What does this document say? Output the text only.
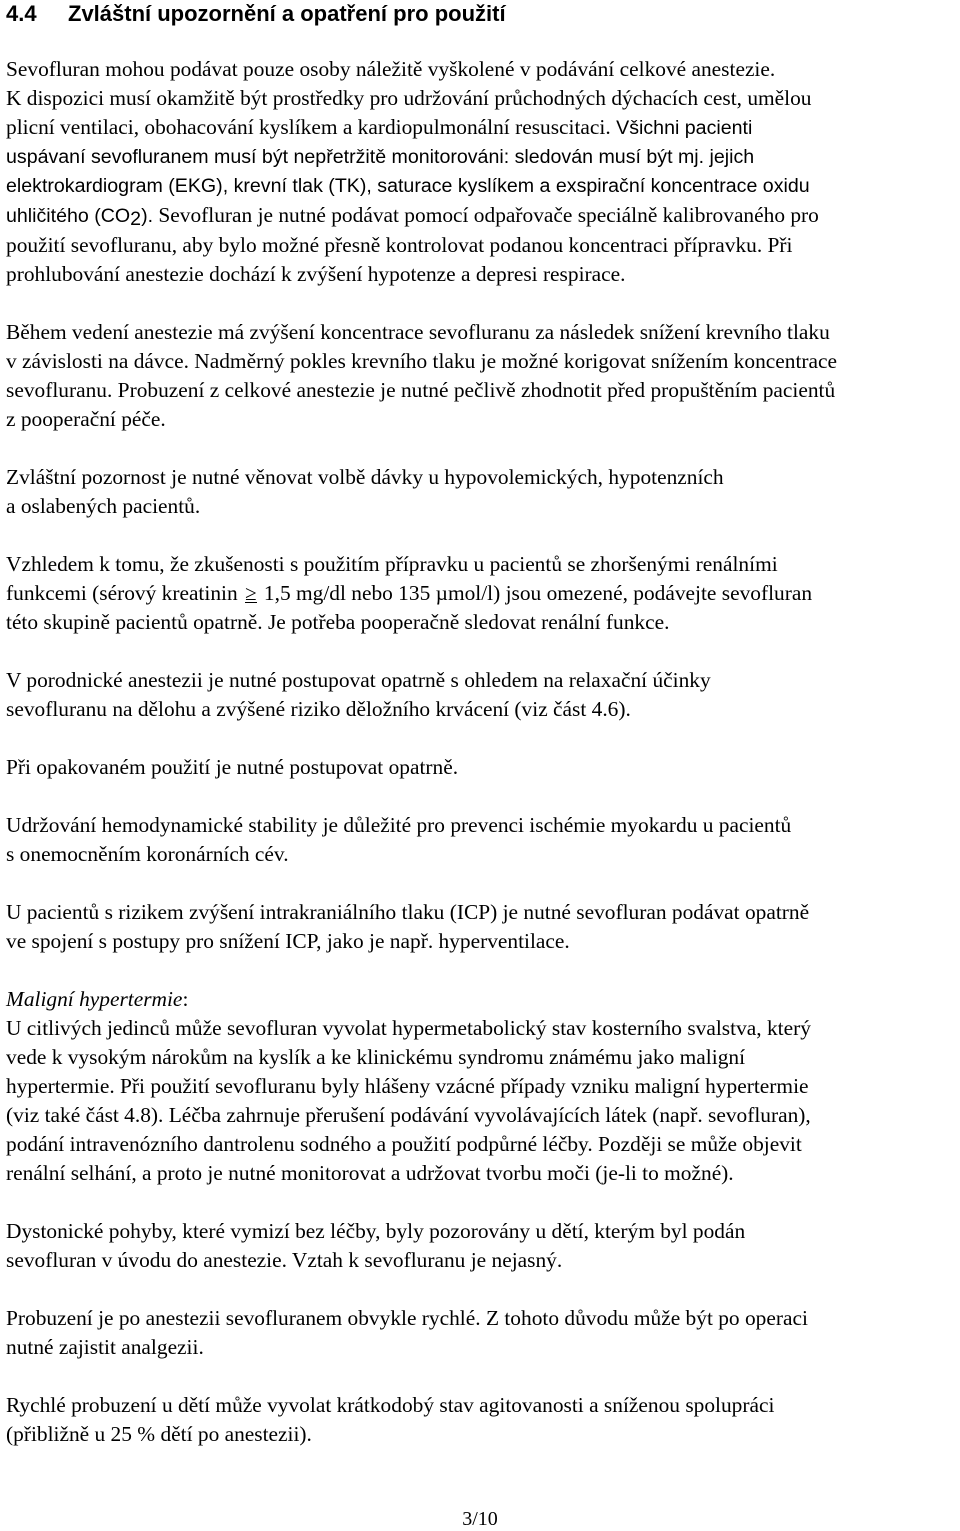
4.4	Zvláštní upozornění a opatření pro použití
Sevofluran mohou podávat pouze osoby náležitě vyškolené v podávání celkové anestezie.
K dispozici musí okamžitě být prostředky pro udržování průchodných dýchacích cest, umělou
plicní ventilaci, obohacování kyslíkem a kardiopulmonální resuscitaci. Všichni pacienti
uspávaní sevofluranem musí být nepřetržitě monitorováni: sledován musí být mj. jejich
elektrokardiogram (EKG), krevní tlak (TK), saturace kyslíkem a exspirační koncentrace oxidu
uhličitého $(CO_2)$. Sevofluran je nutné podávat pomocí odpařovače speciálně kalibrovaného pro
použití sevofluranu, aby bylo možné přesně kontrolovat podanou koncentraci přípravku. Při
prohlubování anestezie dochází k zvýšení hypotenze a depresi respirace.
Během vedení anestezie má zvýšení koncentrace sevofluranu za následek snížení krevního tlaku
v závislosti na dávce. Nadměrný pokles krevního tlaku je možné korigovat snížením koncentrace
sevofluranu. Probuzení z celkové anestezie je nutné pečlivě zhodnotit před propuštěním pacientů
z pooperační péče.
Zvláštní pozornost je nutné věnovat volbě dávky u hypovolemických, hypotenzních
a oslabených pacientů.
Vzhledem k tomu, že zkušenosti s použitím přípravku u pacientů se zhoršenými renálními
funkcemi (sérový kreatinin ≥ 1,5 mg/dl nebo 135 µmol/l) jsou omezené, podávejte sevofluran
této skupině pacientů opatrně. Je potřeba pooperačně sledovat renální funkce.
V porodnické anestezii je nutné postupovat opatrně s ohledem na relaxační účinky
sevofluranu na dělohu a zvýšené riziko děložního krvácení (viz část 4.6).
Při opakovaném použití je nutné postupovat opatrně.
Udržování hemodynamické stability je důležité pro prevenci ischémie myokardu u pacientů
s onemocněním koronárních cév.
U pacientů s rizikem zvýšení intrakraniálního tlaku (ICP) je nutné sevofluran podávat opatrně
ve spojení s postupy pro snížení ICP, jako je např. hyperventilace.
Maligní hypertermie:
U citlivých jedinců může sevofluran vyvolat hypermetabolický stav kosterního svalstva, který
vede k vysokým nárokům na kyslík a ke klinickému syndromu známému jako maligní
hypertermie. Při použití sevofluranu byly hlášeny vzácné případy vzniku maligní hypertermie
(viz také část 4.8). Léčba zahrnuje přerušení podávání vyvolávajících látek (např. sevofluran),
podání intravenózního dantrolenu sodného a použití podpůrné léčby. Později se může objevit
renální selhání, a proto je nutné monitorovat a udržovat tvorbu moči (je-li to možné).
Dystonické pohyby, které vymizí bez léčby, byly pozorovány u dětí, kterým byl podán
sevofluran v úvodu do anestezie. Vztah k sevofluranu je nejasný.
Probuzení je po anestezii sevofluranem obvykle rychlé. Z tohoto důvodu může být po operaci
nutné zajistit analgezii.
Rychlé probuzení u dětí může vyvolat krátkodobý stav agitovanosti a sníženou spolupráci
(přibližně u 25 % dětí po anestezii).
3/10
